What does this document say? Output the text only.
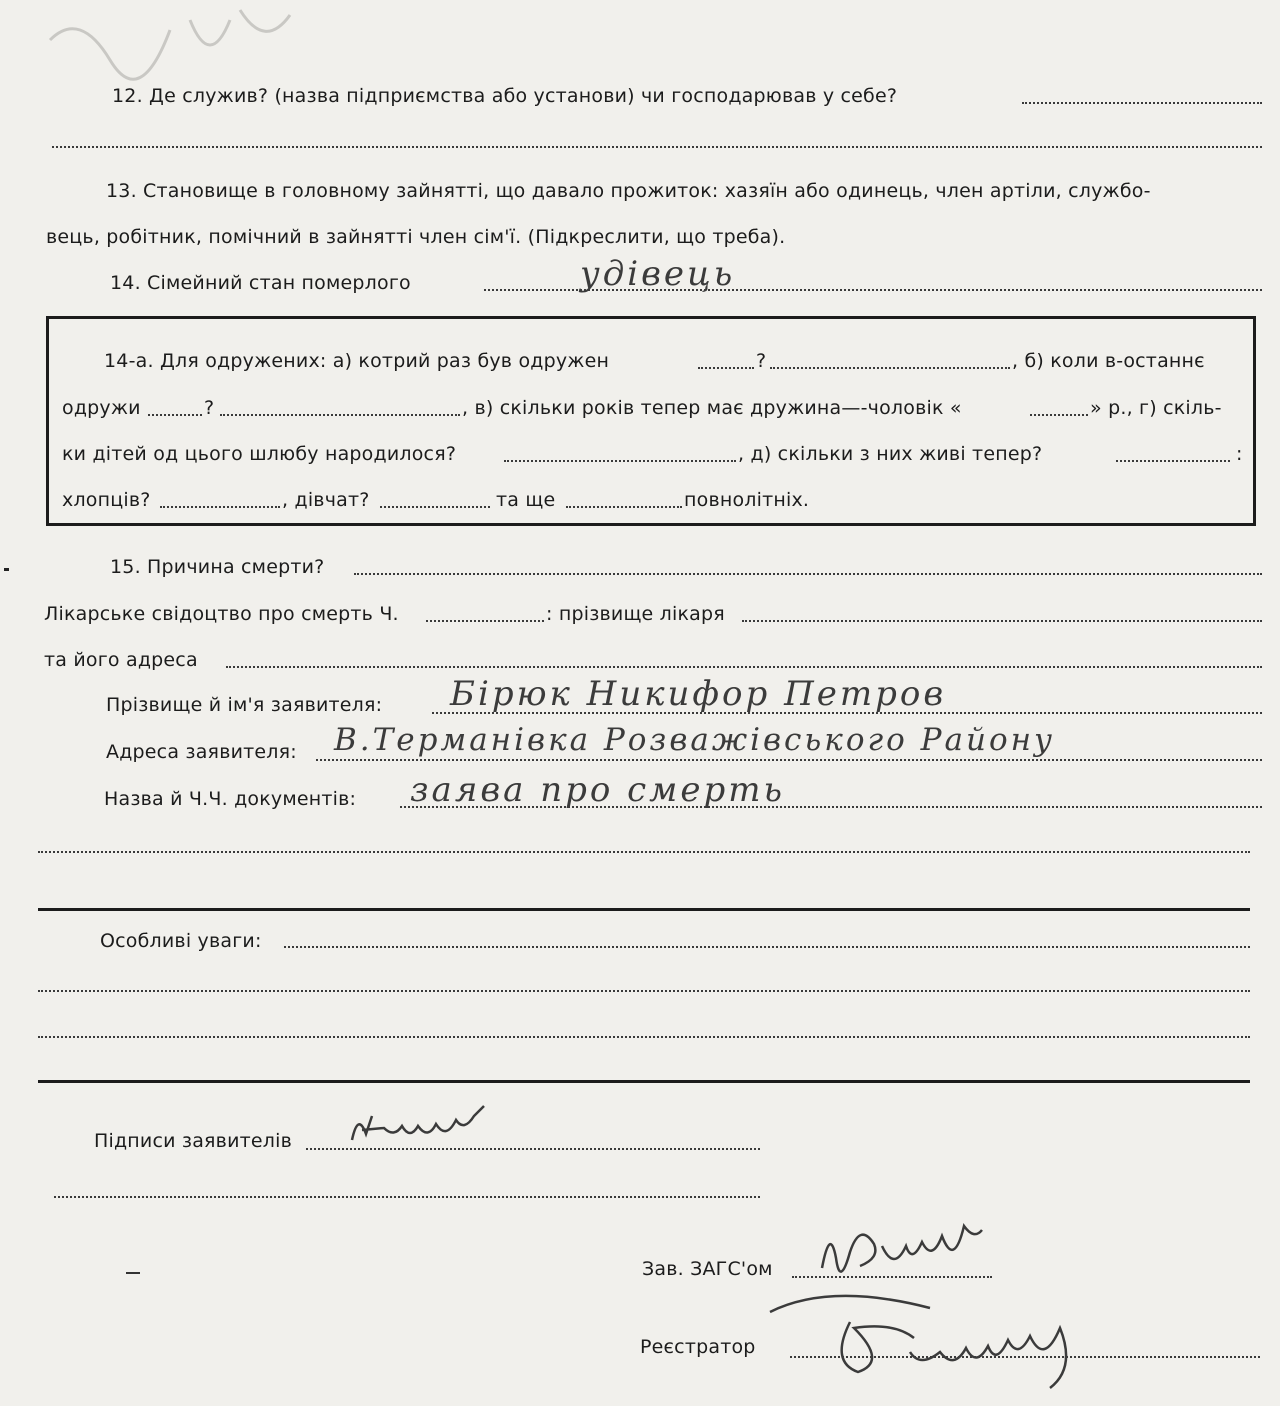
12. Де служив? (назва підприємства або установи) чи господарював у себе?
13. Становище в головному зайнятті, що давало прожиток: хазяїн або одинець, член артіли, службо-
вець, робітник, помічний в зайнятті член сім'ї. (Підкреслити, що треба).
14. Сімейний стан померлого	удівець
14-а. Для одружених: а) котрий раз був одружен	?	, б) коли в-останнє
одружи	?	, в) скільки років тепер має дружина—-чоловік «	» р., г) скіль-
ки дітей од цього шлюбу народилося?	, д) скільки з них живі тепер?	:
хлопців?	, дівчат?	та ще	повнолітніх.
15. Причина смерти?
Лікарське свідоцтво про смерть Ч.	: прізвище лікаря
та його адреса
Прізвище й ім'я заявителя: Бірюк Никифор Петров
Адреса заявителя: В.Терманівка Розважівського Району
Назва й Ч.Ч. документів: заява про смерть
Особливі уваги:
Підписи заявителів
Зав. ЗАГС'ом
Реєстратор
